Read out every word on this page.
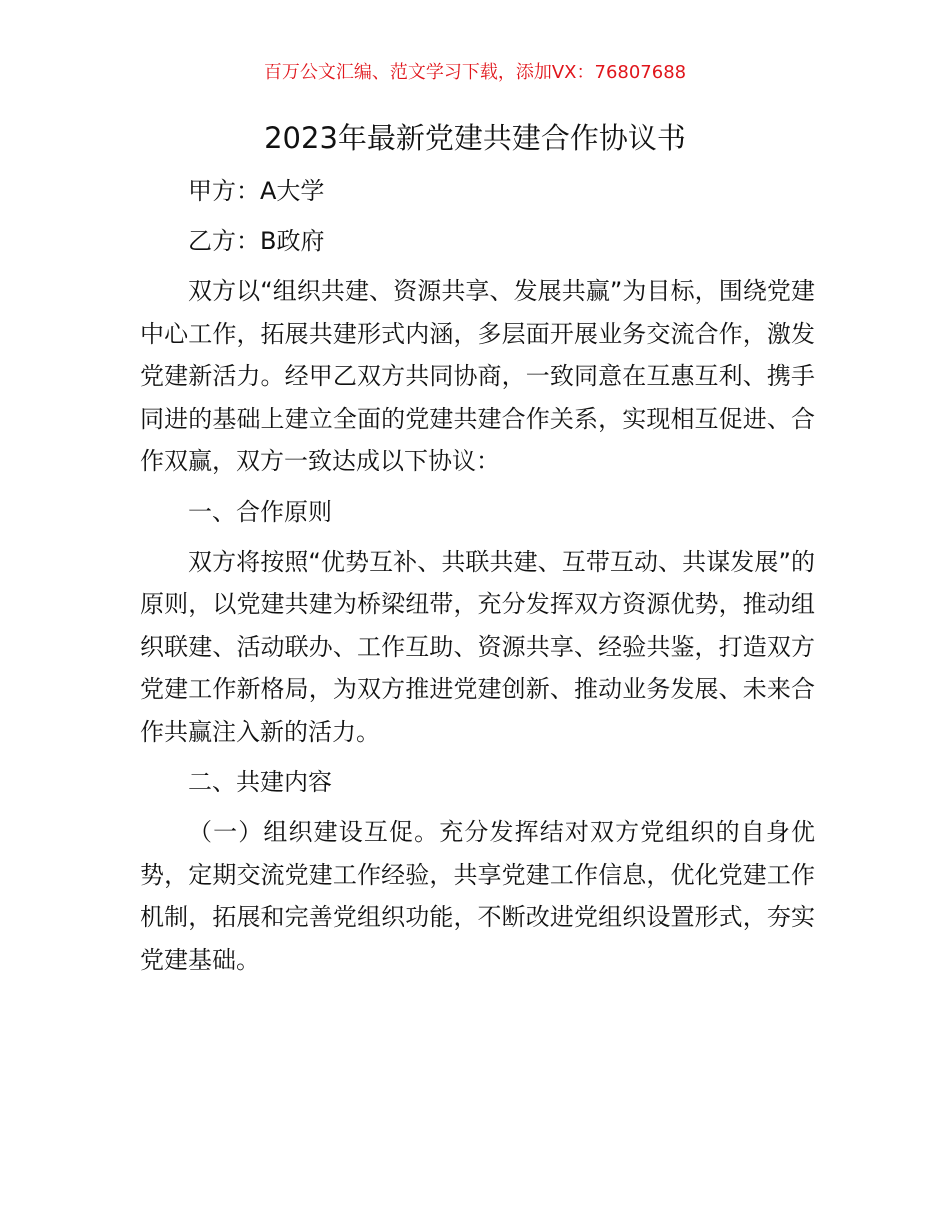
百万公文汇编、范文学习下载，添加VX：76807688
2023年最新党建共建合作协议书

甲方：A大学

乙方：B政府

双方以“组织共建、资源共享、发展共赢”为目标，围绕党建中心工作，拓展共建形式内涵，多层面开展业务交流合作，激发党建新活力。经甲乙双方共同协商，一致同意在互惠互利、携手同进的基础上建立全面的党建共建合作关系，实现相互促进、合作双赢，双方一致达成以下协议：

一、合作原则

双方将按照“优势互补、共联共建、互带互动、共谋发展”的原则，以党建共建为桥梁纽带，充分发挥双方资源优势，推动组织联建、活动联办、工作互助、资源共享、经验共鉴，打造双方党建工作新格局，为双方推进党建创新、推动业务发展、未来合作共赢注入新的活力。

二、共建内容

（一）组织建设互促。充分发挥结对双方党组织的自身优势，定期交流党建工作经验，共享党建工作信息，优化党建工作机制，拓展和完善党组织功能，不断改进党组织设置形式，夯实党建基础。
